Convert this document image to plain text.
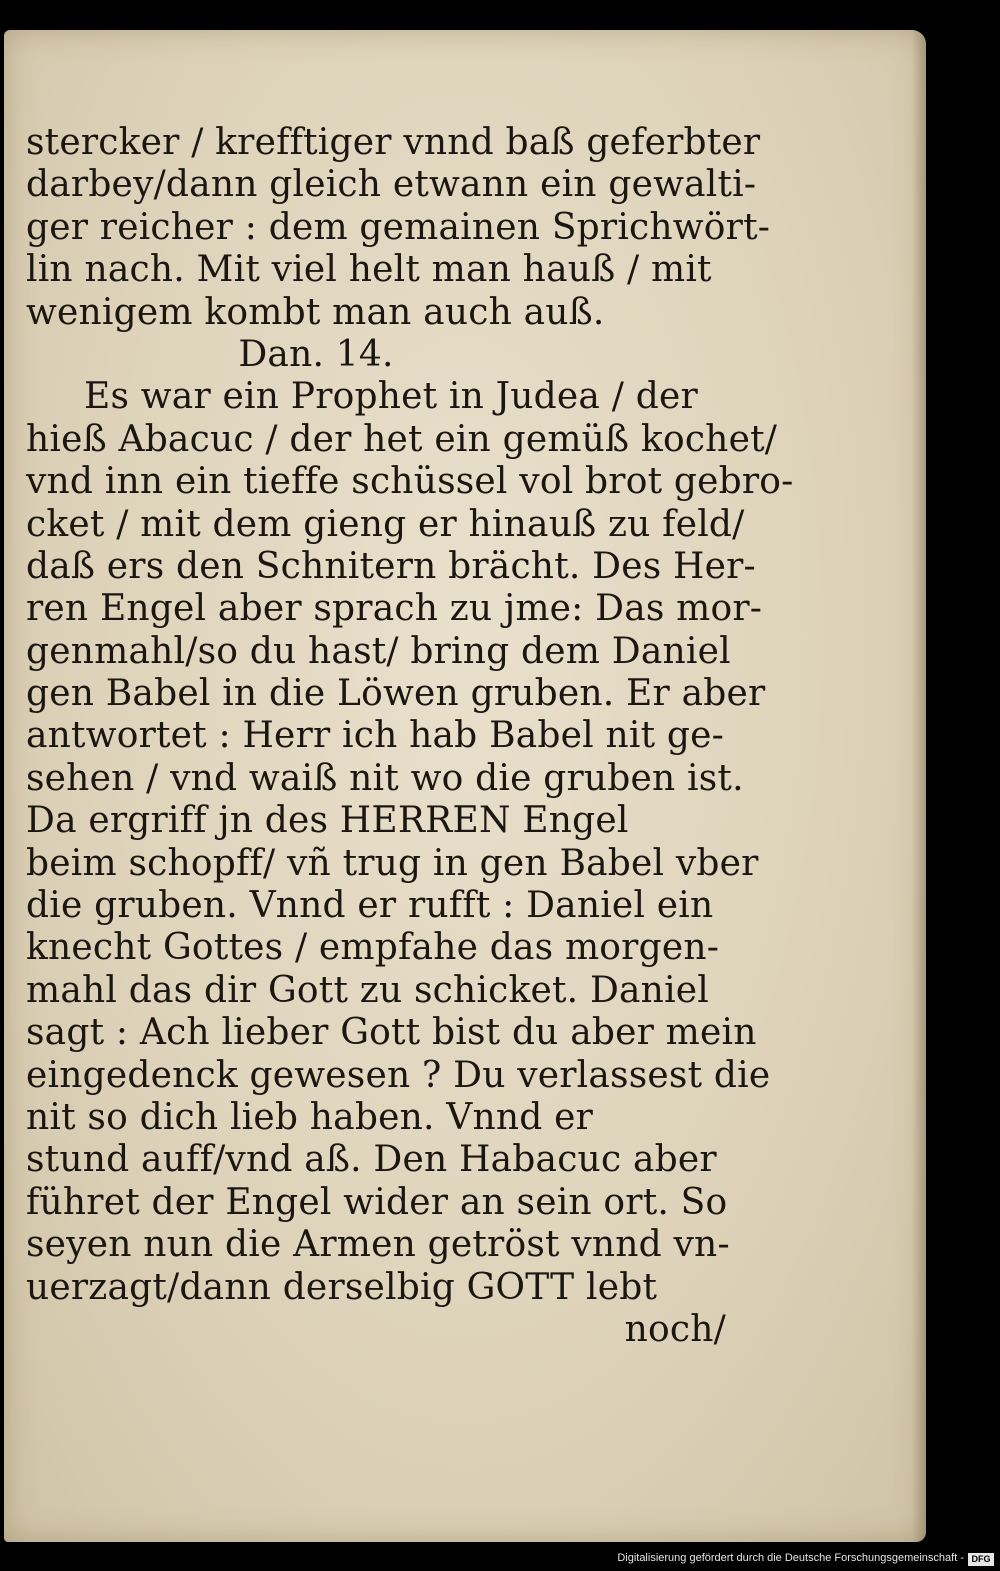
stercker / krefftiger vnnd baß geferbter
darbey/dann gleich etwann ein gewalti-
ger reicher : dem gemainen Sprichwört-
lin nach. Mit viel helt man hauß / mit
wenigem kombt man auch auß.
Dan. 14.
Es war ein Prophet in Judea / der
hieß Abacuc / der het ein gemüß kochet/
vnd inn ein tieffe schüssel vol brot gebro-
cket / mit dem gieng er hinauß zu feld/
daß ers den Schnitern brächt. Des Her-
ren Engel aber sprach zu jme: Das mor-
genmahl/so du hast/ bring dem Daniel
gen Babel in die Löwen gruben. Er aber
antwortet : Herr ich hab Babel nit ge-
sehen / vnd waiß nit wo die gruben ist.
Da ergriff jn des HERREN Engel
beim schopff/ vñ trug in gen Babel vber
die gruben. Vnnd er rufft : Daniel ein
knecht Gottes / empfahe das morgen-
mahl das dir Gott zu schicket. Daniel
sagt : Ach lieber Gott bist du aber mein
eingedenck gewesen ? Du verlassest die
nit so dich lieb haben. Vnnd er
stund auff/vnd aß. Den Habacuc aber
führet der Engel wider an sein ort. So
seyen nun die Armen getröst vnnd vn-
uerzagt/dann derselbig GOTT lebt
noch/
Digitalisierung gefördert durch die Deutsche Forschungsgemeinschaft - DFG
